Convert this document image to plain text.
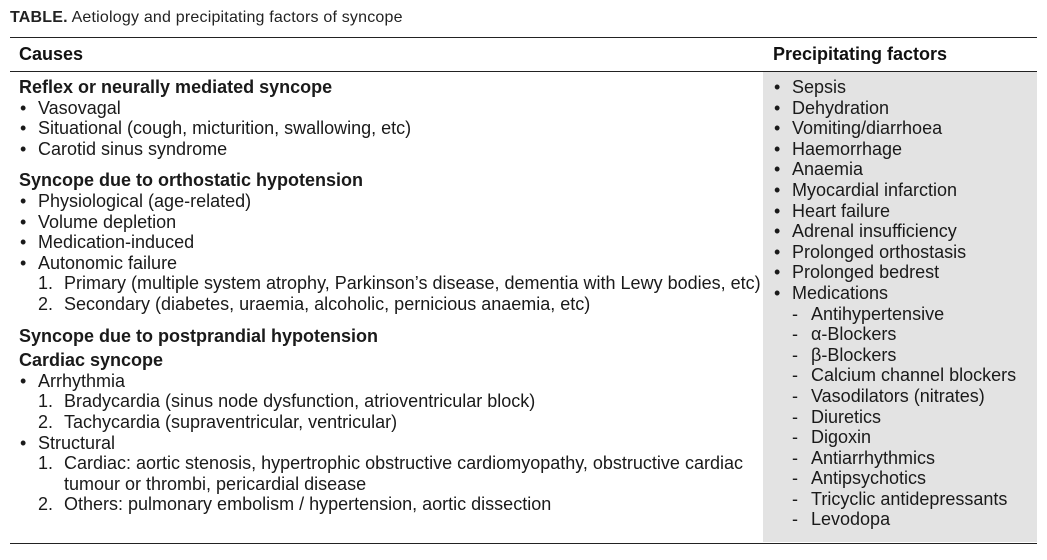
TABLE. Aetiology and precipitating factors of syncope
Causes	Precipitating factors
Reflex or neurally mediated syncope
• Vasovagal
• Situational (cough, micturition, swallowing, etc)
• Carotid sinus syndrome
Syncope due to orthostatic hypotension
• Physiological (age-related)
• Volume depletion
• Medication-induced
• Autonomic failure
1. Primary (multiple system atrophy, Parkinson’s disease, dementia with Lewy bodies, etc)
2. Secondary (diabetes, uraemia, alcoholic, pernicious anaemia, etc)
Syncope due to postprandial hypotension
Cardiac syncope
• Arrhythmia
1. Bradycardia (sinus node dysfunction, atrioventricular block)
2. Tachycardia (supraventricular, ventricular)
• Structural
1. Cardiac: aortic stenosis, hypertrophic obstructive cardiomyopathy, obstructive cardiac tumour or thrombi, pericardial disease
2. Others: pulmonary embolism / hypertension, aortic dissection
• Sepsis
• Dehydration
• Vomiting/diarrhoea
• Haemorrhage
• Anaemia
• Myocardial infarction
• Heart failure
• Adrenal insufficiency
• Prolonged orthostasis
• Prolonged bedrest
• Medications
- Antihypertensive
- α-Blockers
- β-Blockers
- Calcium channel blockers
- Vasodilators (nitrates)
- Diuretics
- Digoxin
- Antiarrhythmics
- Antipsychotics
- Tricyclic antidepressants
- Levodopa
